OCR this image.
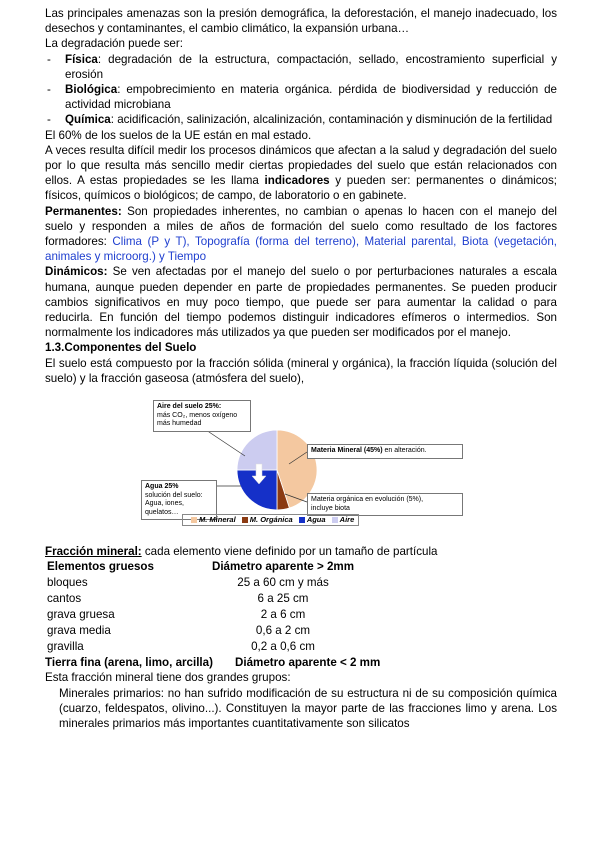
Las principales amenazas son la presión demográfica, la deforestación, el manejo inadecuado, los desechos y contaminantes, el cambio climático, la expansión urbana…

La degradación puede ser:

- Física: degradación de la estructura, compactación, sellado, encostramiento superficial y erosión
- Biológica: empobrecimiento en materia orgánica. pérdida de biodiversidad y reducción de actividad microbiana
- Química: acidificación, salinización, alcalinización, contaminación y disminución de la fertilidad

El 60% de los suelos de la UE están en mal estado.

A veces resulta difícil medir los procesos dinámicos que afectan a la salud y degradación del suelo por lo que resulta más sencillo medir ciertas propiedades del suelo que están relacionados con ellos. A estas propiedades se les llama indicadores y pueden ser: permanentes o dinámicos; físicos, químicos o biológicos; de campo, de laboratorio o en gabinete.

Permanentes: Son propiedades inherentes, no cambian o apenas lo hacen con el manejo del suelo y responden a miles de años de formación del suelo como resultado de los factores formadores: Clima (P y T), Topografía (forma del terreno), Material parental, Biota (vegetación, animales y microorg.) y Tiempo

Dinámicos: Se ven afectadas por el manejo del suelo o por perturbaciones naturales a escala humana, aunque pueden depender en parte de propiedades permanentes. Se pueden producir cambios significativos en muy poco tiempo, que puede ser para aumentar la calidad o para reducirla. En función del tiempo podemos distinguir indicadores efímeros o intermedios. Son normalmente los indicadores más utilizados ya que pueden ser modificados por el manejo.

1.3.Componentes del Suelo

El suelo está compuesto por la fracción sólida (mineral y orgánica), la fracción líquida (solución del suelo) y la fracción gaseosa (atmósfera del suelo),

Aire del suelo 25%:
más CO₂, menos oxígeno más humedad
Materia Mineral (45%) en alteración.
Agua 25%
solución del suelo:
Agua, iones, quelatos…
Materia orgánica en evolución (5%),
incluye biota
M. Mineral M. Orgánica Agua Aire

Fracción mineral: cada elemento viene definido por un tamaño de partícula

Elementos gruesos	Diámetro aparente > 2mm
bloques	25 a 60 cm y más
cantos	6 a 25 cm
grava gruesa	2 a 6 cm
grava media	0,6 a 2 cm
gravilla	0,2 a 0,6 cm

Tierra fina (arena, limo, arcilla) Diámetro aparente < 2 mm

Esta fracción mineral tiene dos grandes grupos:

Minerales primarios: no han sufrido modificación de su estructura ni de su composición química (cuarzo, feldespatos, olivino...). Constituyen la mayor parte de las fracciones limo y arena. Los minerales primarios más importantes cuantitativamente son silicatos
